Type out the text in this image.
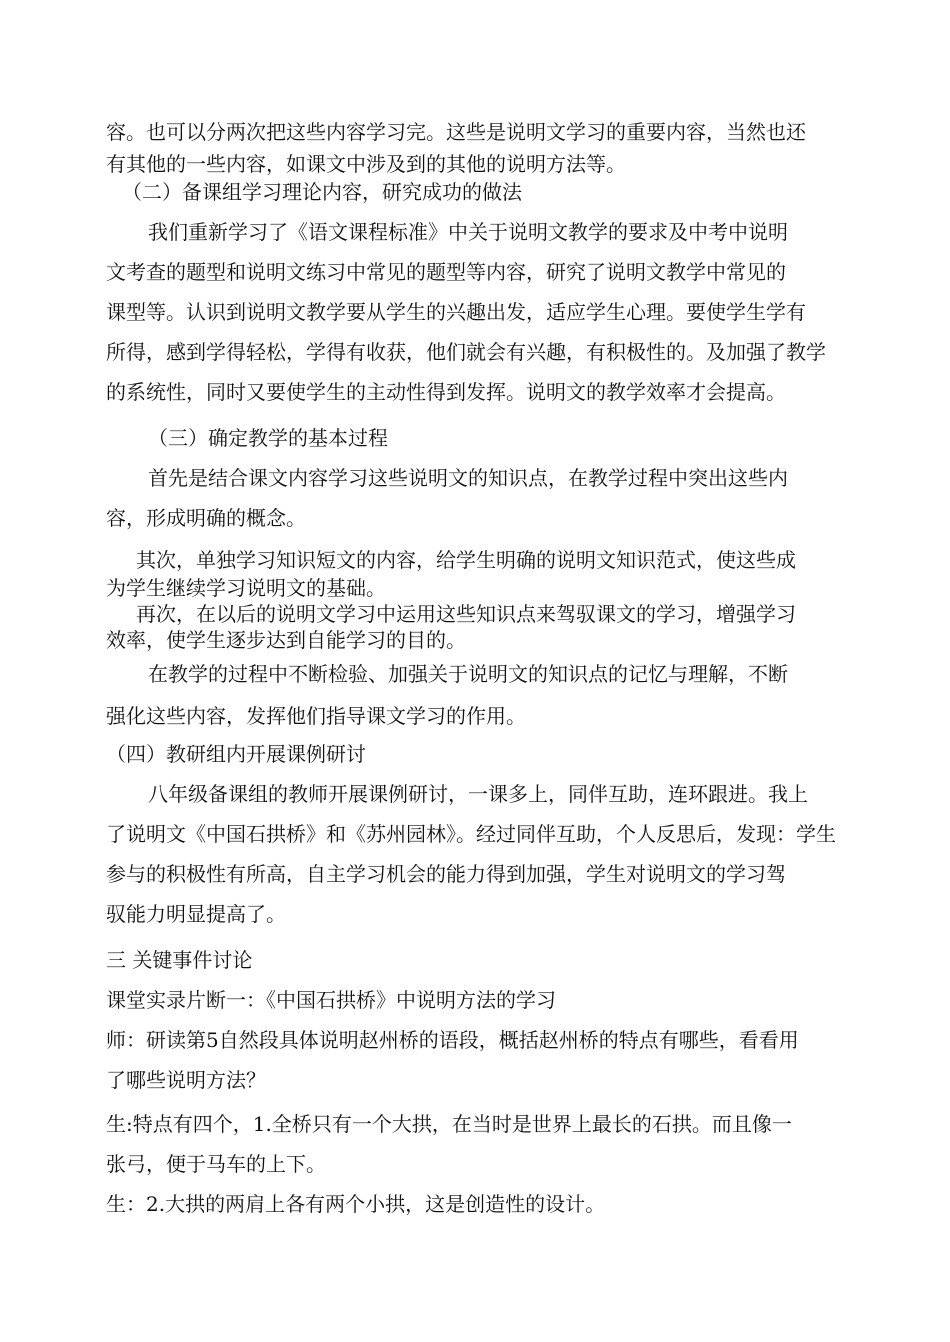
容。也可以分两次把这些内容学习完。这些是说明文学习的重要内容，当然也还
有其他的一些内容，如课文中涉及到的其他的说明方法等。
（二）备课组学习理论内容，研究成功的做法
我们重新学习了《语文课程标准》中关于说明文教学的要求及中考中说明
文考查的题型和说明文练习中常见的题型等内容，研究了说明文教学中常见的
课型等。认识到说明文教学要从学生的兴趣出发，适应学生心理。要使学生学有
所得，感到学得轻松，学得有收获，他们就会有兴趣，有积极性的。及加强了教学
的系统性，同时又要使学生的主动性得到发挥。说明文的教学效率才会提高。
（三）确定教学的基本过程
首先是结合课文内容学习这些说明文的知识点，在教学过程中突出这些内
容，形成明确的概念。
其次，单独学习知识短文的内容，给学生明确的说明文知识范式，使这些成
为学生继续学习说明文的基础。
再次，在以后的说明文学习中运用这些知识点来驾驭课文的学习，增强学习
效率，使学生逐步达到自能学习的目的。
在教学的过程中不断检验、加强关于说明文的知识点的记忆与理解，不断
强化这些内容，发挥他们指导课文学习的作用。
（四）教研组内开展课例研讨
八年级备课组的教师开展课例研讨，一课多上，同伴互助，连环跟进。我上
了说明文《中国石拱桥》和《苏州园林》。经过同伴互助，个人反思后，发现：学生
参与的积极性有所高，自主学习机会的能力得到加强，学生对说明文的学习驾
驭能力明显提高了。
三 关键事件讨论
课堂实录片断一：《中国石拱桥》中说明方法的学习
师：研读第5自然段具体说明赵州桥的语段，概括赵州桥的特点有哪些，看看用
了哪些说明方法？
生:特点有四个，1.全桥只有一个大拱，在当时是世界上最长的石拱。而且像一
张弓，便于马车的上下。
生：2.大拱的两肩上各有两个小拱，这是创造性的设计。
